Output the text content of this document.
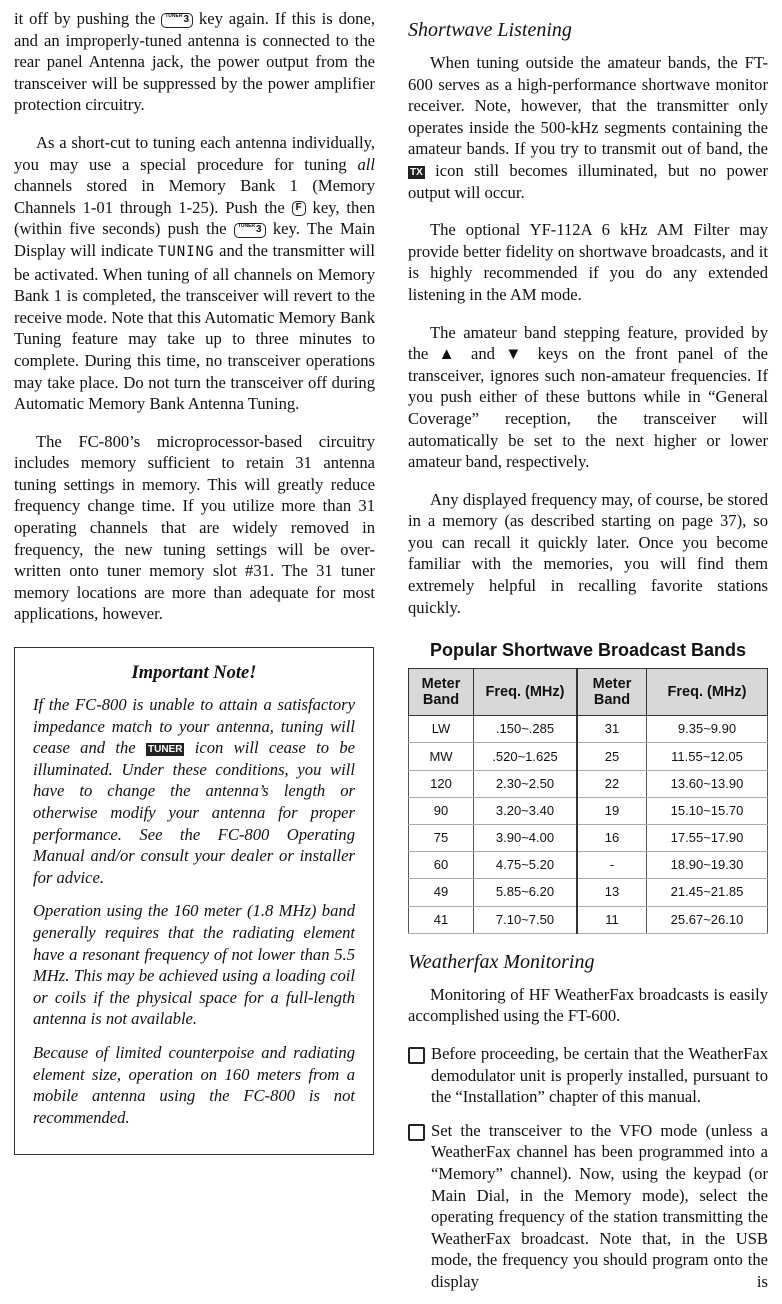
it off by pushing the $^{TUNER}$3 key again. If this is done, and an improperly-tuned antenna is connected to the rear panel Antenna jack, the power output from the transceiver will be suppressed by the power amplifier protection circuitry.

As a short-cut to tuning each antenna individually, you may use a special procedure for tuning all channels stored in Memory Bank 1 (Memory Channels 1-01 through 1-25). Push the F key, then (within five seconds) push the $^{TUNER}$3 key. The Main Display will indicate TUNING and the transmitter will be activated. When tuning of all channels on Memory Bank 1 is completed, the transceiver will revert to the receive mode. Note that this Automatic Memory Bank Tuning feature may take up to three minutes to complete. During this time, no transceiver operations may take place. Do not turn the transceiver off during Automatic Memory Bank Antenna Tuning.

The FC-800’s microprocessor-based circuitry includes memory sufficient to retain 31 antenna tuning settings in memory. This will greatly reduce frequency change time. If you utilize more than 31 operating channels that are widely removed in frequency, the new tuning settings will be over-written onto tuner memory slot #31. The 31 tuner memory locations are more than adequate for most applications, however.

Important Note!

If the FC-800 is unable to attain a satisfactory impedance match to your antenna, tuning will cease and the TUNER icon will cease to be illuminated. Under these conditions, you will have to change the antenna’s length or otherwise modify your antenna for proper performance. See the FC-800 Operating Manual and/or consult your dealer or installer for advice.

Operation using the 160 meter (1.8 MHz) band generally requires that the radiating element have a resonant frequency of not lower than 5.5 MHz. This may be achieved using a loading coil or coils if the physical space for a full-length antenna is not available.

Because of limited counterpoise and radiating element size, operation on 160 meters from a mobile antenna using the FC-800 is not recommended.

Shortwave Listening

When tuning outside the amateur bands, the FT-600 serves as a high-performance shortwave monitor receiver. Note, however, that the transmitter only operates inside the 500-kHz segments containing the amateur bands. If you try to transmit out of band, the TX icon still becomes illuminated, but no power output will occur.

The optional YF-112A 6 kHz AM Filter may provide better fidelity on shortwave broadcasts, and it is highly recommended if you do any extended listening in the AM mode.

The amateur band stepping feature, provided by the ▲ and ▼ keys on the front panel of the transceiver, ignores such non-amateur frequencies. If you push either of these buttons while in “General Coverage” reception, the transceiver will automatically be set to the next higher or lower amateur band, respectively.

Any displayed frequency may, of course, be stored in a memory (as described starting on page 37), so you can recall it quickly later. Once you become familiar with the memories, you will find them extremely helpful in recalling favorite stations quickly.

Popular Shortwave Broadcast Bands
Meter Band	Freq. (MHz)	Meter Band	Freq. (MHz)
LW	.150~.285	31	9.35~9.90
MW	.520~1.625	25	11.55~12.05
120	2.30~2.50	22	13.60~13.90
90	3.20~3.40	19	15.10~15.70
75	3.90~4.00	16	17.55~17.90
60	4.75~5.20	-	18.90~19.30
49	5.85~6.20	13	21.45~21.85
41	7.10~7.50	11	25.67~26.10
Weatherfax Monitoring

Monitoring of HF WeatherFax broadcasts is easily accomplished using the FT-600.

Before proceeding, be certain that the WeatherFax demodulator unit is properly installed, pursuant to the “Installation” chapter of this manual.

Set the transceiver to the VFO mode (unless a WeatherFax channel has been programmed into a “Memory” channel). Now, using the keypad (or Main Dial, in the Memory mode), select the operating frequency of the station transmitting the WeatherFax broadcast. Note that, in the USB mode, the frequency you should program onto the display is
